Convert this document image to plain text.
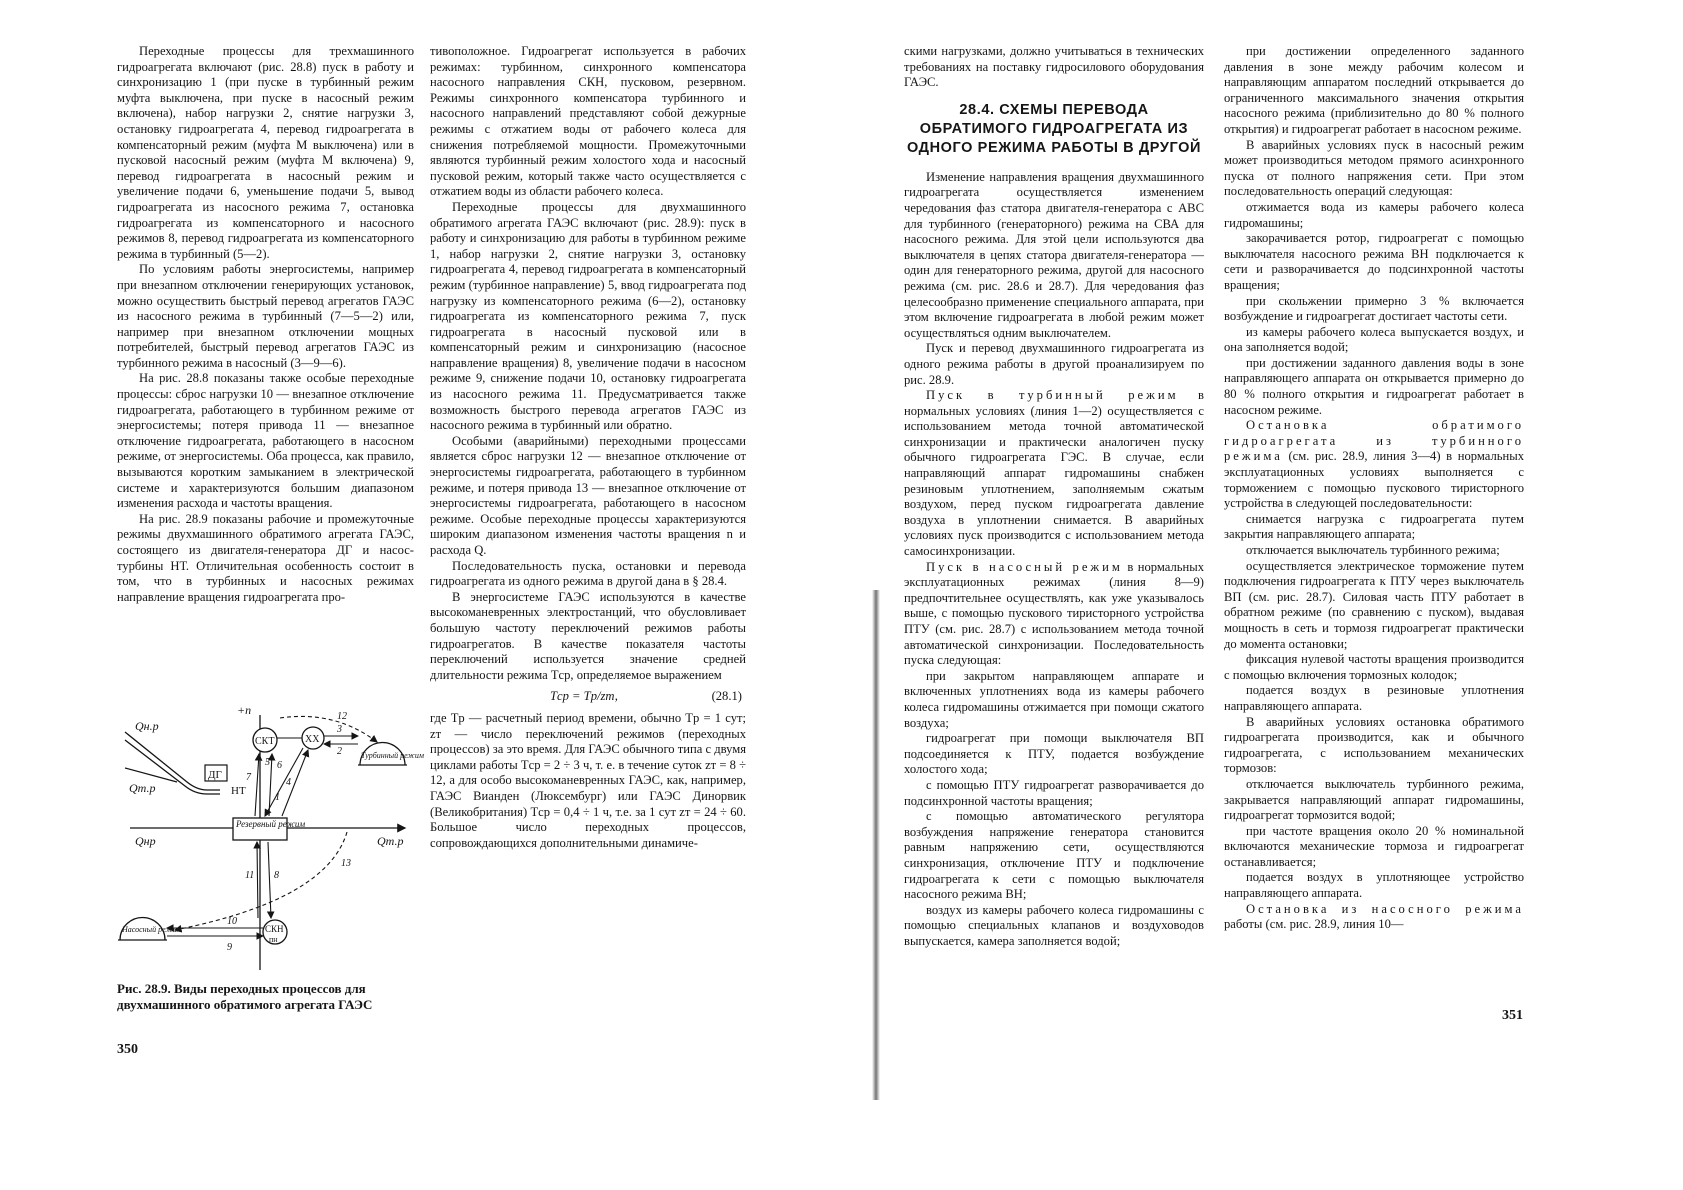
Переходные процессы для трехмашинного гидроагрегата включают (рис. 28.8) пуск в работу и синхронизацию 1 (при пуске в турбинный режим муфта выключена, при пуске в насосный режим включена), набор нагрузки 2, снятие нагрузки 3, остановку гидроагрегата 4, перевод гидроагрегата в компенсаторный режим (муфта М выключена) или в пусковой насосный режим (муфта М включена) 9, перевод гидроагрегата в насосный режим и увеличение подачи 6, уменьшение подачи 5, вывод гидроагрегата из насосного режима 7, остановка гидроагрегата из компенсаторного и насосного режимов 8, перевод гидроагрегата из компенсаторного режима в турбинный (5—2).

По условиям работы энергосистемы, например при внезапном отключении генерирующих установок, можно осуществить быстрый перевод агрегатов ГАЭС из насосного режима в турбинный (7—5—2) или, например при внезапном отключении мощных потребителей, быстрый перевод агрегатов ГАЭС из турбинного режима в насосный (3—9—6).

На рис. 28.8 показаны также особые переходные процессы: сброс нагрузки 10 — внезапное отключение гидроагрегата, работающего в турбинном режиме от энергосистемы; потеря привода 11 — внезапное отключение гидроагрегата, работающего в насосном режиме, от энергосистемы. Оба процесса, как правило, вызываются коротким замыканием в электрической системе и характеризуются большим диапазоном изменения расхода и частоты вращения.

На рис. 28.9 показаны рабочие и промежуточные режимы двухмашинного обратимого агрегата ГАЭС, состоящего из двигателя-генератора ДГ и насос-турбины НТ. Отличительная особенность состоит в том, что в турбинных и насосных режимах направление вращения гидроагрегата про-

+n
Qнр	Qт.р
Qн.р
Qт.р
ДГ
НТ
СКТ	XX
Резервный режим
СКН
пн
Турбинный режим
Насосный режим
1
2
3
4
5 6
7
8
9
10
11
12
13
Рис. 28.9. Виды переходных процессов для двухмашинного обратимого агрегата ГАЭС
350

тивоположное. Гидроагрегат используется в рабочих режимах: турбинном, синхронного компенсатора насосного направления СКН, пусковом, резервном. Режимы синхронного компенсатора турбинного и насосного направлений представляют собой дежурные режимы с отжатием воды от рабочего колеса для снижения потребляемой мощности. Промежуточными являются турбинный режим холостого хода и насосный пусковой режим, который также часто осуществляется с отжатием воды из области рабочего колеса.

Переходные процессы для двухмашинного обратимого агрегата ГАЭС включают (рис. 28.9): пуск в работу и синхронизацию для работы в турбинном режиме 1, набор нагрузки 2, снятие нагрузки 3, остановку гидроагрегата 4, перевод гидроагрегата в компенсаторный режим (турбинное направление) 5, ввод гидроагрегата под нагрузку из компенсаторного режима (6—2), остановку гидроагрегата из компенсаторного режима 7, пуск гидроагрегата в насосный пусковой или в компенсаторный режим и синхронизацию (насосное направление вращения) 8, увеличение подачи в насосном режиме 9, снижение подачи 10, остановку гидроагрегата из насосного режима 11. Предусматривается также возможность быстрого перевода агрегатов ГАЭС из насосного режима в турбинный или обратно.

Особыми (аварийными) переходными процессами является сброс нагрузки 12 — внезапное отключение от энергосистемы гидроагрегата, работающего в турбинном режиме, и потеря привода 13 — внезапное отключение от энергосистемы гидроагрегата, работающего в насосном режиме. Особые переходные процессы характеризуются широким диапазоном изменения частоты вращения n и расхода Q.

Последовательность пуска, остановки и перевода гидроагрегата из одного режима в другой дана в § 28.4.

В энергосистеме ГАЭС используются в качестве высокоманевренных электростанций, что обусловливает большую частоту переключений режимов работы гидроагрегатов. В качестве показателя частоты переключений используется значение средней длительности режима Tср, определяемое выражением

Tср = Tр/zт,	(28.1)

где Tр — расчетный период времени, обычно Tр = 1 сут; zт — число переключений режимов (переходных процессов) за это время. Для ГАЭС обычного типа с двумя циклами работы Tср = 2 ÷ 3 ч, т. е. в течение суток zт = 8 ÷ 12, а для особо высокоманевренных ГАЭС, как, например, ГАЭС Вианден (Люксембург) или ГАЭС Динорвик (Великобритания) Tср = 0,4 ÷ 1 ч, т.е. за 1 сут zт = 24 ÷ 60. Большое число переходных процессов, сопровождающихся дополнительными динамиче-

скими нагрузками, должно учитываться в технических требованиях на поставку гидросилового оборудования ГАЭС.

28.4. СХЕМЫ ПЕРЕВОДА ОБРАТИМОГО ГИДРОАГРЕГАТА ИЗ ОДНОГО РЕЖИМА РАБОТЫ В ДРУГОЙ

Изменение направления вращения двухмашинного гидроагрегата осуществляется изменением чередования фаз статора двигателя-генератора с АВС для турбинного (генераторного) режима на СВА для насосного режима. Для этой цели используются два выключателя в цепях статора двигателя-генератора — один для генераторного режима, другой для насосного режима (см. рис. 28.6 и 28.7). Для чередования фаз целесообразно применение специального аппарата, при этом включение гидроагрегата в любой режим может осуществляться одним выключателем.

Пуск и перевод двухмашинного гидроагрегата из одного режима работы в другой проанализируем по рис. 28.9.

Пуск в турбинный режим в нормальных условиях (линия 1—2) осуществляется с использованием метода точной автоматической синхронизации и практически аналогичен пуску обычного гидроагрегата ГЭС. В случае, если направляющий аппарат гидромашины снабжен резиновым уплотнением, заполняемым сжатым воздухом, перед пуском гидроагрегата давление воздуха в уплотнении снимается. В аварийных условиях пуск производится с использованием метода самосинхронизации.

Пуск в насосный режим в нормальных эксплуатационных режимах (линия 8—9) предпочтительнее осуществлять, как уже указывалось выше, с помощью пускового тиристорного устройства ПТУ (см. рис. 28.7) с использованием метода точной автоматической синхронизации. Последовательность пуска следующая:

при закрытом направляющем аппарате и включенных уплотнениях вода из камеры рабочего колеса гидромашины отжимается при помощи сжатого воздуха;

гидроагрегат при помощи выключателя ВП подсоединяется к ПТУ, подается возбуждение холостого хода;

с помощью ПТУ гидроагрегат разворачивается до подсинхронной частоты вращения;

с помощью автоматического регулятора возбуждения напряжение генератора становится равным напряжению сети, осуществляются синхронизация, отключение ПТУ и подключение гидроагрегата к сети с помощью выключателя насосного режима ВН;

воздух из камеры рабочего колеса гидромашины с помощью специальных клапанов и воздуховодов выпускается, камера заполняется водой;

при достижении определенного заданного давления в зоне между рабочим колесом и направляющим аппаратом последний открывается до ограниченного максимального значения открытия насосного режима (приблизительно до 80 % полного открытия) и гидроагрегат работает в насосном режиме.

В аварийных условиях пуск в насосный режим может производиться методом прямого асинхронного пуска от полного напряжения сети. При этом последовательность операций следующая:

отжимается вода из камеры рабочего колеса гидромашины;

закорачивается ротор, гидроагрегат с помощью выключателя насосного режима ВН подключается к сети и разворачивается до подсинхронной частоты вращения;

при скольжении примерно 3 % включается возбуждение и гидроагрегат достигает частоты сети.

из камеры рабочего колеса выпускается воздух, и она заполняется водой;

при достижении заданного давления воды в зоне направляющего аппарата он открывается примерно до 80 % полного открытия и гидроагрегат работает в насосном режиме.

Остановка обратимого гидроагрегата из турбинного режима (см. рис. 28.9, линия 3—4) в нормальных эксплуатационных условиях выполняется с торможением с помощью пускового тиристорного устройства в следующей последовательности:

снимается нагрузка с гидроагрегата путем закрытия направляющего аппарата;

отключается выключатель турбинного режима;

осуществляется электрическое торможение путем подключения гидроагрегата к ПТУ через выключатель ВП (см. рис. 28.7). Силовая часть ПТУ работает в обратном режиме (по сравнению с пуском), выдавая мощность в сеть и тормозя гидроагрегат практически до момента остановки;

фиксация нулевой частоты вращения производится с помощью включения тормозных колодок;

подается воздух в резиновые уплотнения направляющего аппарата.

В аварийных условиях остановка обратимого гидроагрегата производится, как и обычного гидроагрегата, с использованием механических тормозов:

отключается выключатель турбинного режима, закрывается направляющий аппарат гидромашины, гидроагрегат тормозится водой;

при частоте вращения около 20 % номинальной включаются механические тормоза и гидроагрегат останавливается;

подается воздух в уплотняющее устройство направляющего аппарата.

Остановка из насосного режима работы (см. рис. 28.9, линия 10—

351
